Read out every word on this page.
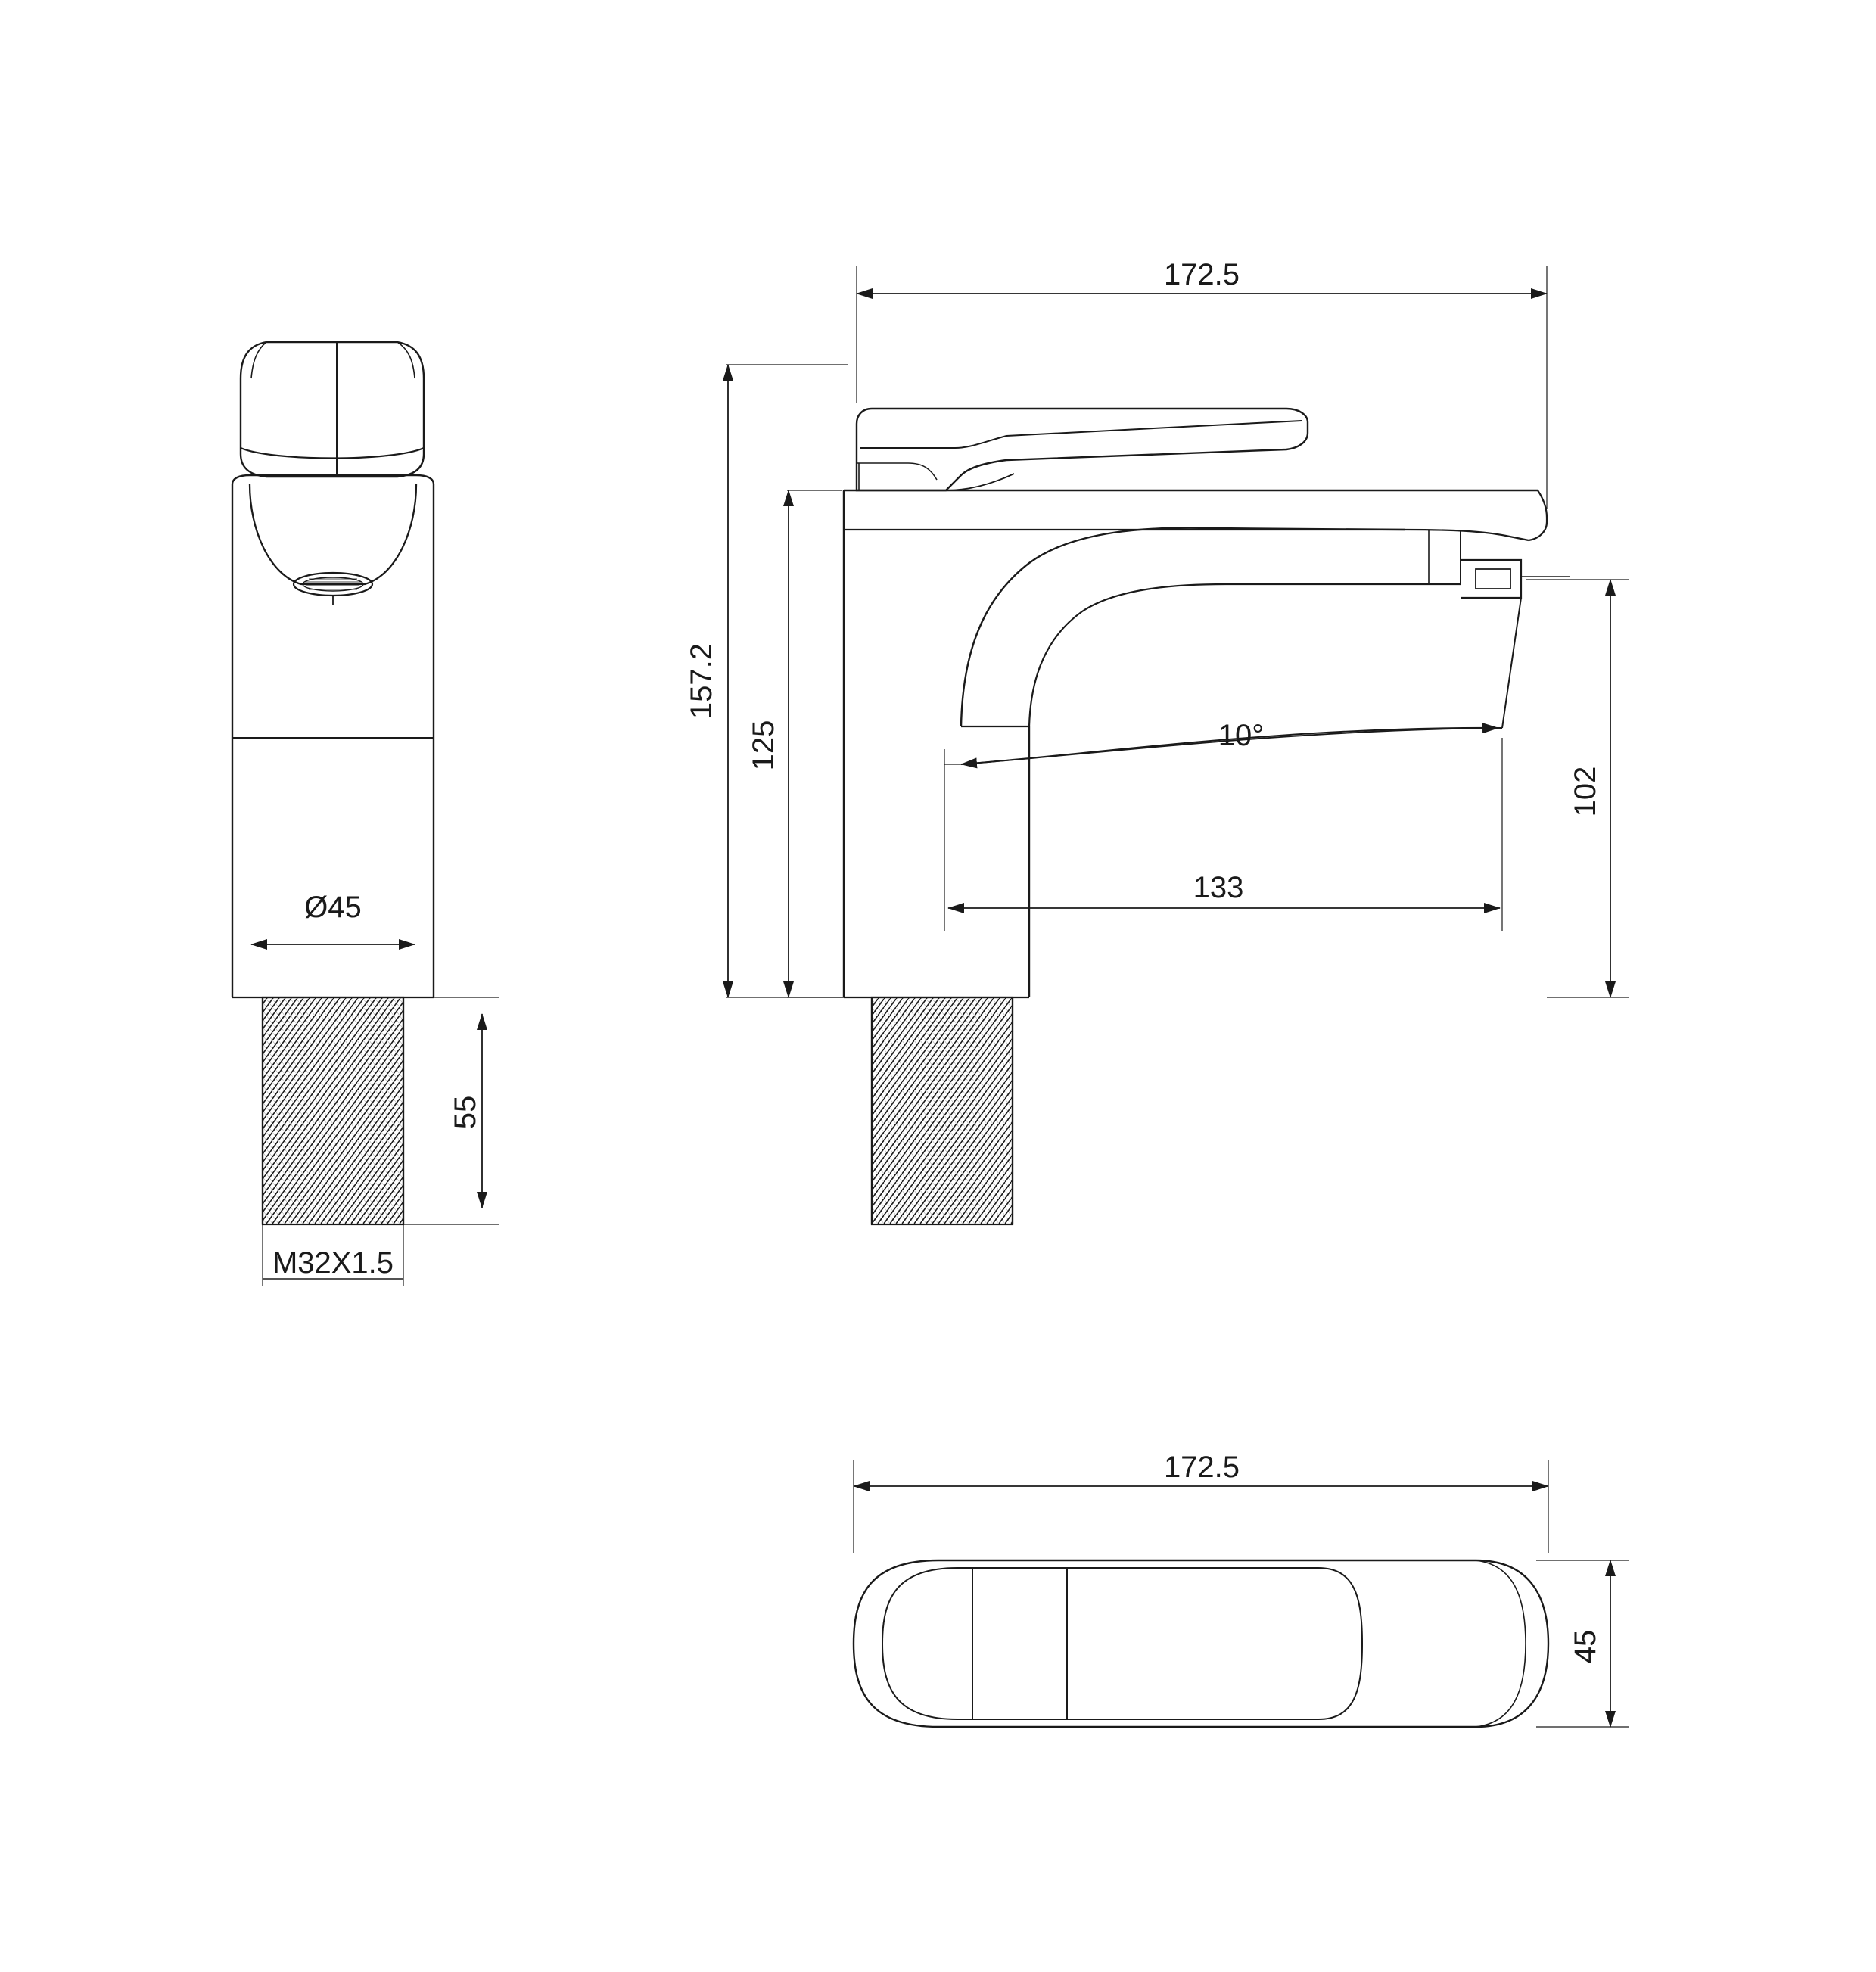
Ø45
55
M32X1.5
172.5
157.2
125
102
10°
133
172.5
45
